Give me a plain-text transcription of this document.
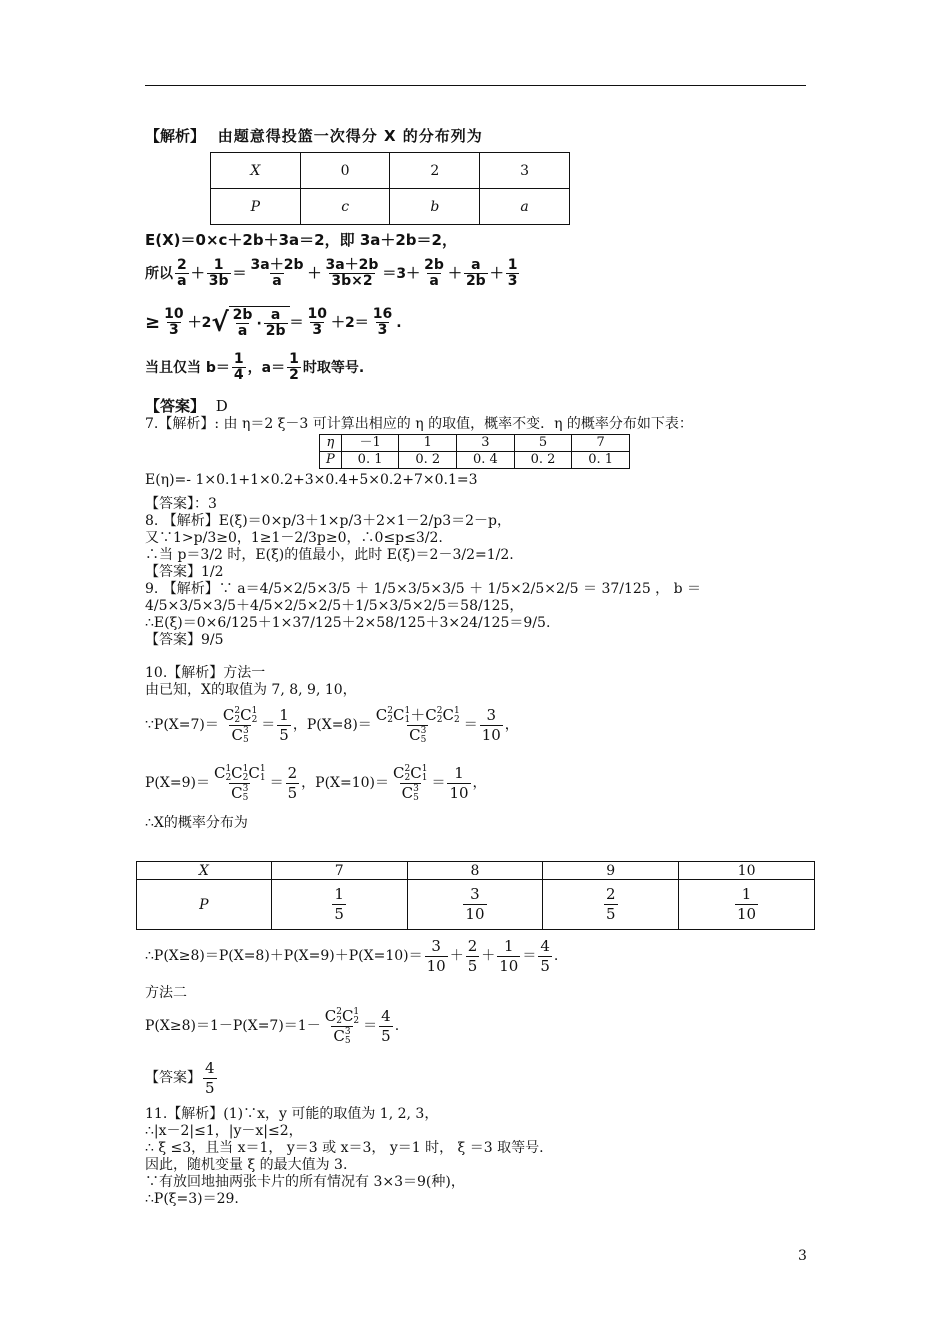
【解析】 由题意得投篮一次得分 X 的分布列为
X	0	2	3
P	c	b	a
E(X)＝0×c＋2b＋3a＝2，即 3a＋2b＝2，
所以 $\frac{2}{a} + \frac{1}{3b} = \frac{3a+2b}{a} + \frac{3a+2b}{3b\times 2} =3+ \frac{2b}{a} + \frac{a}{2b} + \frac{1}{3}$
≥ $\frac{10}{3} +2$ √ $\frac{2b}{a} \cdot \frac{a}{2b} = \frac{10}{3} +2= \frac{16}{3}$ .
当且仅当 $b= \frac{1}{4}$ ，$a= \frac{1}{2}$ 时取等号.
【答案】 D
7.【解析】: 由 η＝2 ξ－3 可计算出相应的 η 的取值，概率不变．η 的概率分布如下表：
η	－1	1	3	5	7
P	0. 1	0. 2	0. 4	0. 2	0. 1
E(η)=- 1×0.1+1×0.2+3×0.4+5×0.2+7×0.1=3
【答案】：3
8. 【解析】E(ξ)＝0×p/3＋1×p/3＋2×1－2/p3＝2－p，
又∵1>p/3≥0，1≥1－2/3p≥0，∴0≤p≤3/2.
∴当 p＝3/2 时，E(ξ)的值最小，此时 E(ξ)＝2－3/2=1/2.
【答案】1/2
9. 【解析】∵ a＝4/5×2/5×3/5 ＋ 1/5×3/5×3/5 ＋ 1/5×2/5×2/5 ＝ 37/125 ， b ＝
4/5×3/5×3/5＋4/5×2/5×2/5＋1/5×3/5×2/5＝58/125，
∴E(ξ)＝0×6/125＋1×37/125＋2×58/125＋3×24/125＝9/5.
【答案】9/5
10.【解析】方法一
由已知，X的取值为 7, 8, 9, 10，
∵P(X=7)＝
C 2
2 C 1
2
C 3
5
＝ $\frac{1}{5}$ ， P(X=8)＝
C 2
2 C 1
1 ＋C 2
2 C 1
2
C 3
5
＝ $\frac{3}{10}$ ，
P(X=9)＝
C 1
2 C 1
2 C 1
1
C 3
5
＝ $\frac{2}{5}$ ， P(X=10)＝
C 2
2 C 1
1
C 3
5
＝ $\frac{1}{10}$ ，
∴X的概率分布为
X	7	8	9	10
P	$\frac{1}{5}$	$\frac{3}{10}$	$\frac{2}{5}$	$\frac{1}{10}$
∴P(X≥8)＝P(X=8)＋P(X=9)＋P(X=10)＝ $\frac{3}{10} + \frac{2}{5} + \frac{1}{10} = \frac{4}{5}$ .
方法二
P(X≥8)＝1－P(X=7)＝1－
C 2
2 C 1
2
C 3
5
＝ $\frac{4}{5}$ .
【答案】 $\frac{4}{5}$
11.【解析】(1)∵x，y 可能的取值为 1, 2, 3，
∴|x－2|≤1，|y－x|≤2，
∴ ξ ≤3，且当 x＝1， y＝3 或 x＝3， y＝1 时， ξ ＝3 取等号.
因此，随机变量 ξ 的最大值为 3.
∵有放回地抽两张卡片的所有情况有 3×3＝9(种)，
∴P(ξ=3)＝29.
3
